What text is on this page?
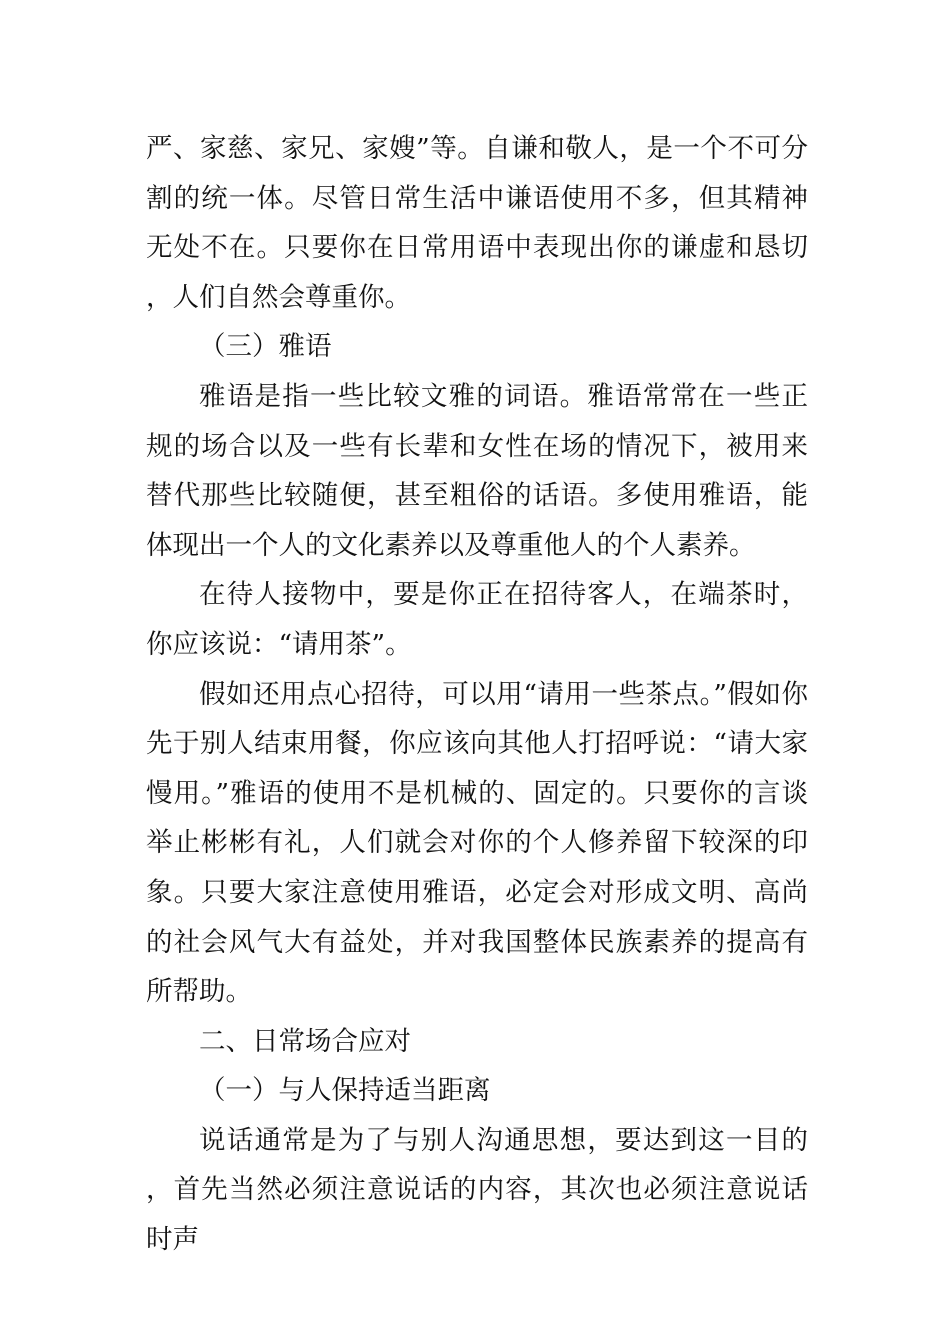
严、家慈、家兄、家嫂”等。自谦和敬人，是一个不可分割的统一体。尽管日常生活中谦语使用不多，但其精神无处不在。只要你在日常用语中表现出你的谦虚和恳切，人们自然会尊重你。

（三）雅语

雅语是指一些比较文雅的词语。雅语常常在一些正规的场合以及一些有长辈和女性在场的情况下，被用来替代那些比较随便，甚至粗俗的话语。多使用雅语，能体现出一个人的文化素养以及尊重他人的个人素养。

在待人接物中，要是你正在招待客人，在端茶时，你应该说：“请用茶”。

假如还用点心招待，可以用“请用一些茶点。”假如你先于别人结束用餐，你应该向其他人打招呼说：“请大家慢用。”雅语的使用不是机械的、固定的。只要你的言谈举止彬彬有礼，人们就会对你的个人修养留下较深的印象。只要大家注意使用雅语，必定会对形成文明、高尚的社会风气大有益处，并对我国整体民族素养的提高有所帮助。

二、日常场合应对

（一）与人保持适当距离

说话通常是为了与别人沟通思想，要达到这一目的，首先当然必须注意说话的内容，其次也必须注意说话时声
